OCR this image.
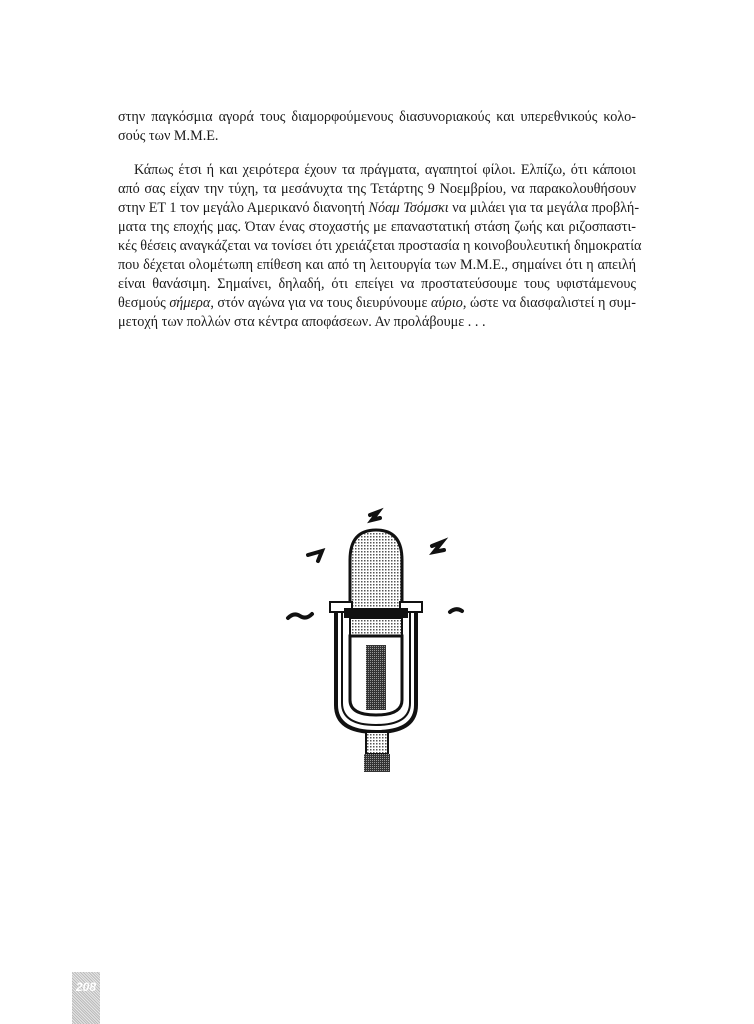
στην παγκόσμια αγορά τους διαμορφούμενους διασυνοριακούς και υπερεθνικούς κολο-
σούς των Μ.Μ.Ε.
Κάπως έτσι ή και χειρότερα έχουν τα πράγματα, αγαπητοί φίλοι. Ελπίζω, ότι κάποιοι
από σας είχαν την τύχη, τα μεσάνυχτα της Τετάρτης 9 Νοεμβρίου, να παρακολουθήσουν
στην ΕΤ 1 τον μεγάλο Αμερικανό διανοητή Νόαμ Τσόμσκι να μιλάει για τα μεγάλα προβλή-
ματα της εποχής μας. Όταν ένας στοχαστής με επαναστατική στάση ζωής και ριζοσπαστι-
κές θέσεις αναγκάζεται να τονίσει ότι χρειάζεται προστασία η κοινοβουλευτική δημοκρατία
που δέχεται ολομέτωπη επίθεση και από τη λειτουργία των Μ.Μ.Ε., σημαίνει ότι η απειλή
είναι θανάσιμη. Σημαίνει, δηλαδή, ότι επείγει να προστατεύσουμε τους υφιστάμενους
θεσμούς σήμερα, στόν αγώνα για να τους διευρύνουμε αύριο, ώστε να διασφαλιστεί η συμ-
μετοχή των πολλών στα κέντρα αποφάσεων. Αν προλάβουμε . . .
208
